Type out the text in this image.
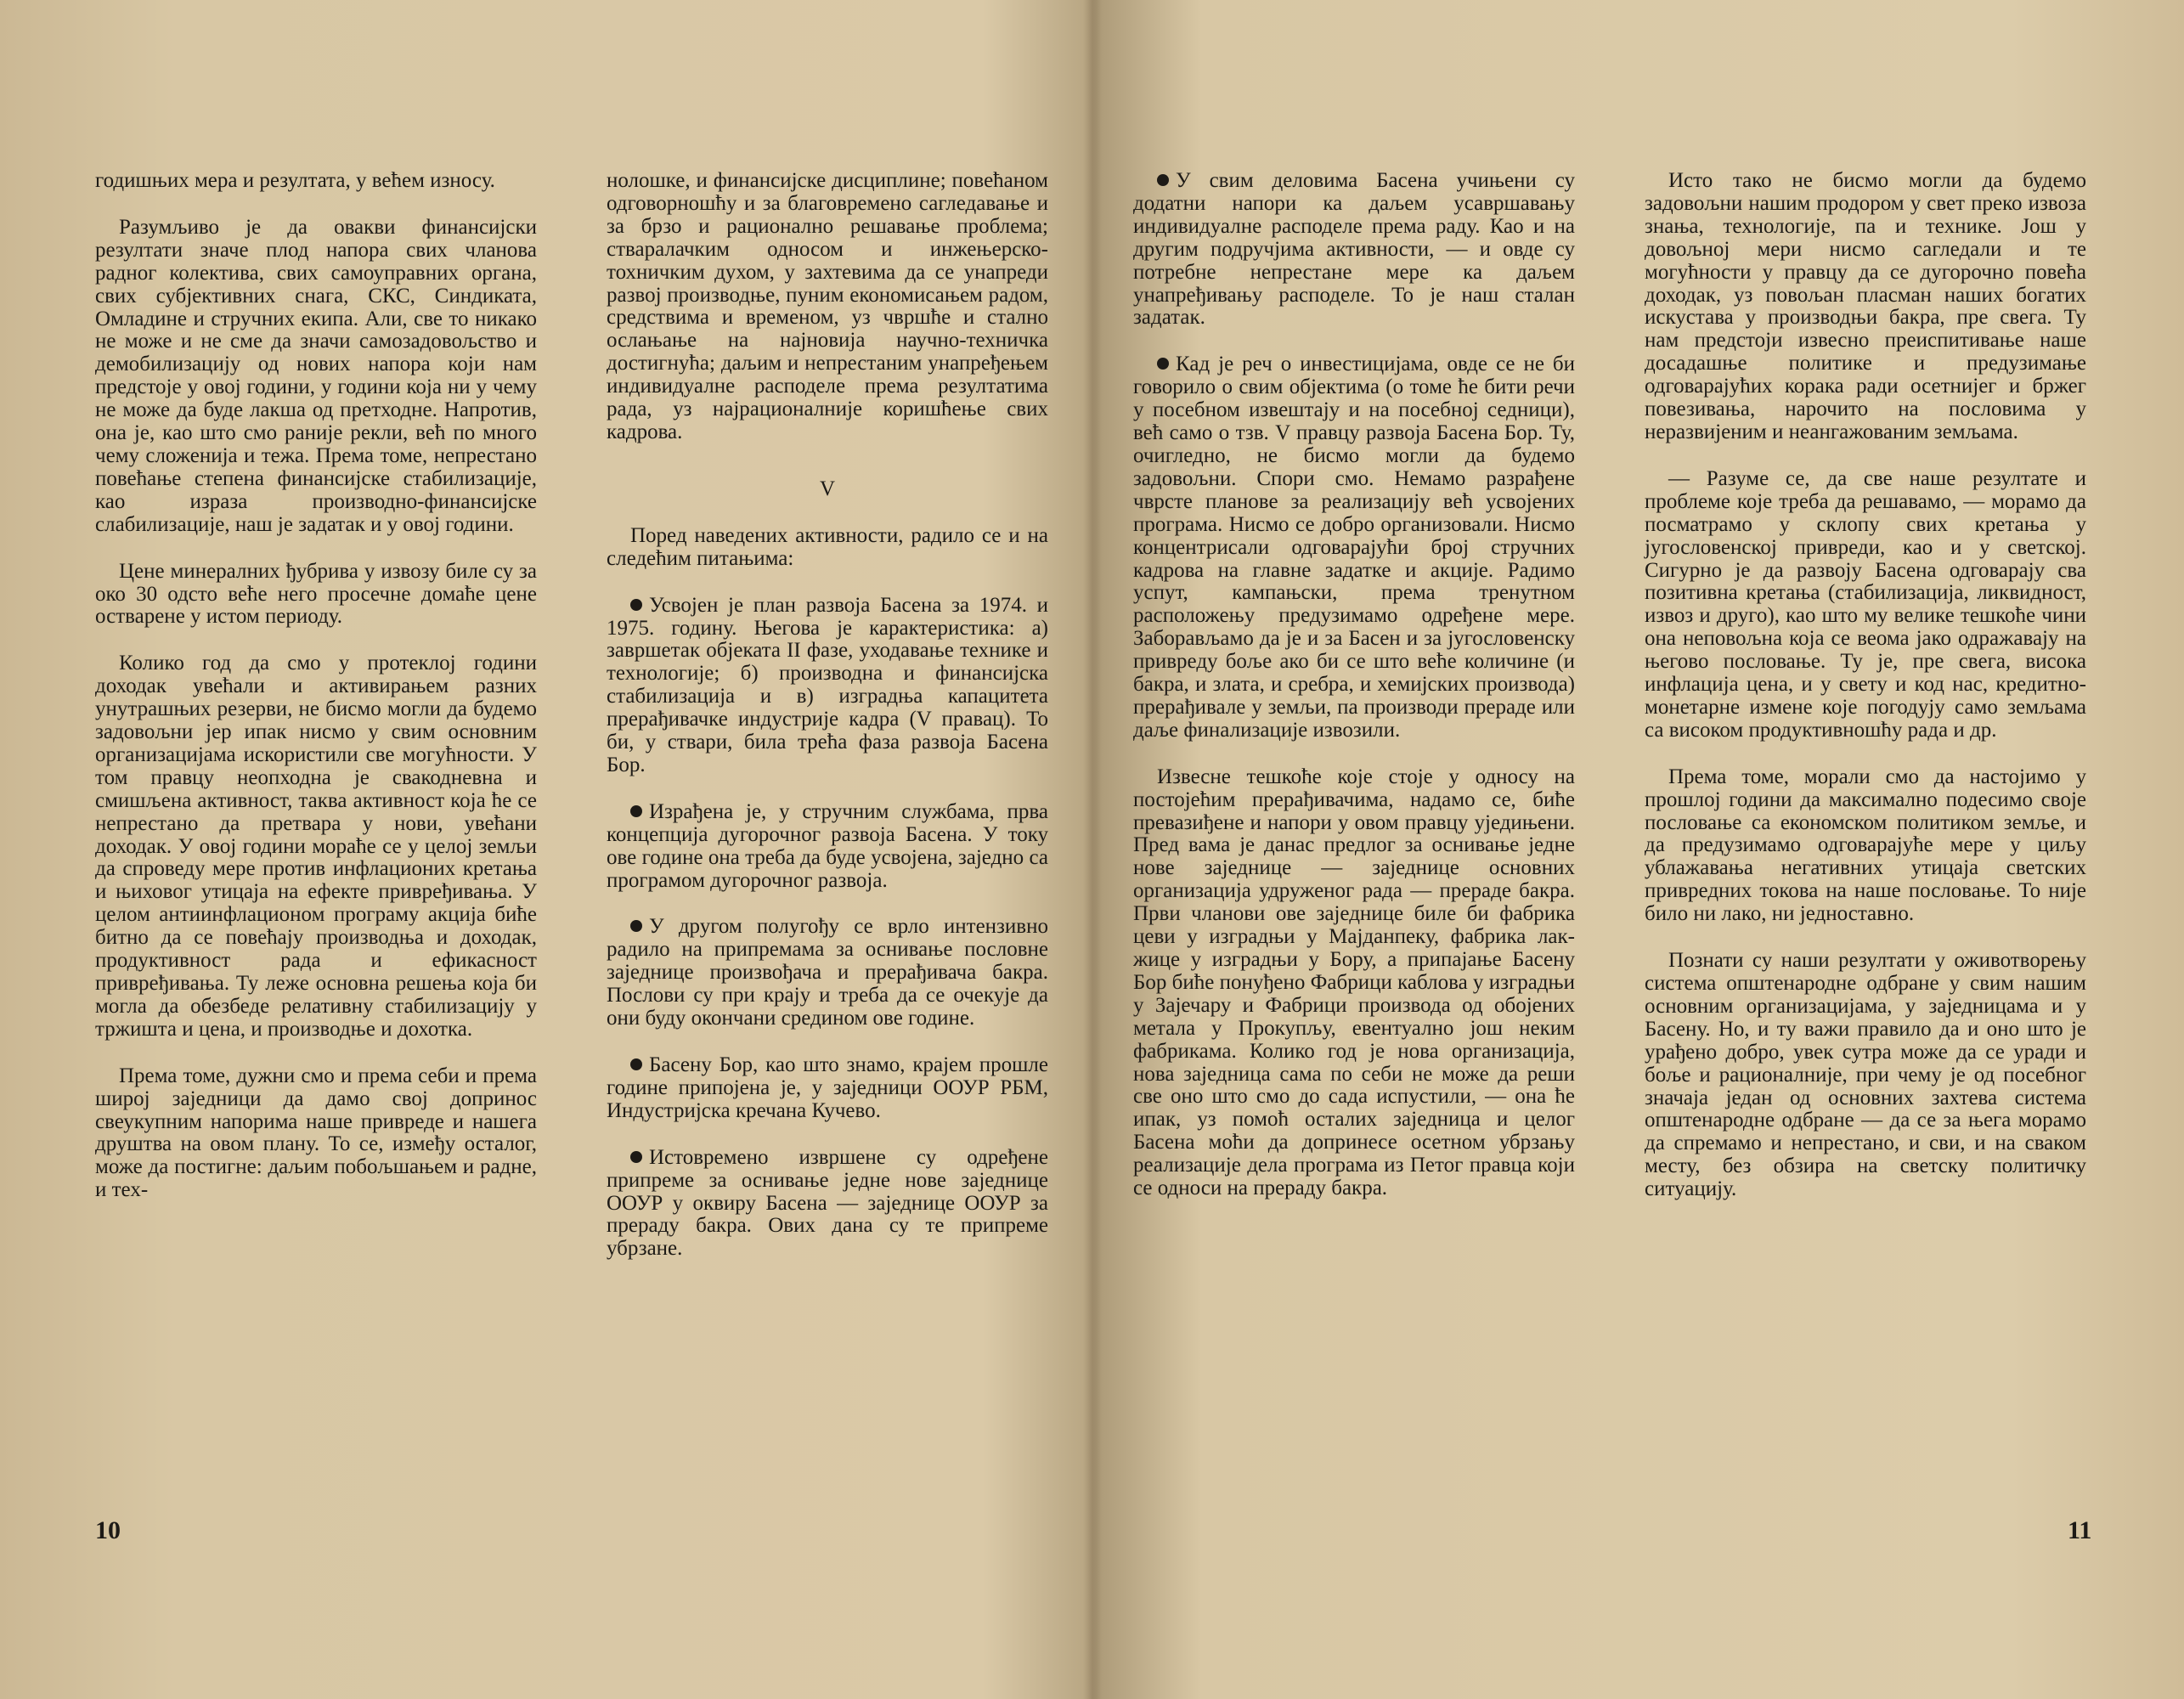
годишњих мера и резултата, у већем износу.

Разумљиво је да овакви финансијски резултати значе плод напора свих чланова радног колектива, свих самоуправних органа, свих субјективних снага, СКС, Синдиката, Омладине и стручних екипа. Али, све то никако не може и не сме да значи самозадовољство и демобилизацију од нових напора који нам предстоје у овој години, у години која ни у чему не може да буде лакша од претходне. Напротив, она је, као што смо раније рекли, већ по много чему сложенија и тежа. Према томе, непрестано повећање степена финансијске стабилизације, као израза производно-финансијске слабилизације, наш је задатак и у овој години.

Цене минералних ђубрива у извозу биле су за око 30 одсто веће него просечне домаће цене остварене у истом периоду.

Колико год да смо у протеклој години доходак увећали и активирањем разних унутрашњих резерви, не бисмо могли да будемо задовољни јер ипак нисмо у свим основним организацијама искористили све могућности. У том правцу неопходна је свакодневна и смишљена активност, таква активност која ће се непрестано да претвара у нови, увећани доходак. У овој години мораће се у целој земљи да спроведу мере против инфлационих кретања и њиховог утицаја на ефекте привређивања. У целом антиинфлационом програму акција биће битно да се повећају производња и доходак, продуктивност рада и ефикасност привређивања. Ту леже основна решења која би могла да обезбеде релативну стабилизацију у тржишта и цена, и производње и дохотка.

Према томе, дужни смо и према себи и према широј заједници да дамо свој допринос свеукупним напорима наше привреде и нашега друштва на овом плану. То се, између осталог, може да постигне: даљим побољшањем и радне, и тех-

нолошке, и финансијске дисциплине; повећаном одговорношћу и за благовремено сагледавање и за брзо и рационално решавање проблема; стваралачким односом и инжењерско-тохничким духом, у захтевима да се унапреди развој производње, пуним економисањем радом, средствима и временом, уз чвршће и стално ослањање на најновија научно-техничка достигнућа; даљим и непрестаним унапређењем индивидуалне расподеле према резултатима рада, уз најрационалније коришћење свих кадрова.

V

Поред наведених активности, радило се и на следећим питањима:

Усвојен је план развоја Басена за 1974. и 1975. годину. Његова је карактеристика: а) завршетак објеката II фазе, уходавање технике и технологије; б) производна и финансијска стабилизација и в) изградња капацитета прерађивачке индустрије кадра (V правац). То би, у ствари, била трећа фаза развоја Басена Бор.

Израђена је, у стручним службама, прва концепција дугорочног развоја Басена. У току ове године она треба да буде усвојена, заједно са програмом дугорочног развоја.

У другом полугођу се врло интензивно радило на припремама за оснивање пословне заједнице произвођача и прерађивача бакра. Послови су при крају и треба да се очекује да они буду окончани средином ове године.

Басену Бор, као што знамо, крајем прошле године припојена је, у заједници ООУР РБМ, Индустријска кречана Кучево.

Истовремено извршене су одређене припреме за оснивање једне нове заједнице ООУР у оквиру Басена — заједнице ООУР за прераду бакра. Ових дана су те припреме убрзане.

10

У свим деловима Басена учињени су додатни напори ка даљем усавршавању индивидуалне расподеле према раду. Као и на другим подручјима активности, — и овде су потребне непрестане мере ка даљем унапређивању расподеле. То је наш сталан задатак.

Кад је реч о инвестицијама, овде се не би говорило о свим објектима (о томе ће бити речи у посебном извештају и на посебној седници), већ само о тзв. V правцу развоја Басена Бор. Ту, очигледно, не бисмо могли да будемо задовољни. Спори смо. Немамо разрађене чврсте планове за реализацију већ усвојених програма. Нисмо се добро организовали. Нисмо концентрисали одговарајући број стручних кадрова на главне задатке и акције. Радимо успут, кампањски, према тренутном расположењу предузимамо одређене мере. Заборављамо да је и за Басен и за југословенску привреду боље ако би се што веће количине (и бакра, и злата, и сребра, и хемијских производа) прерађивале у земљи, па производи прераде или даље финализације извозили.

Извесне тешкоће које стоје у односу на постојећим прерађивачима, надамо се, биће превазиђене и напори у овом правцу уједињени. Пред вама је данас предлог за оснивање једне нове заједнице — заједнице основних организација удруженог рада — прераде бакра. Први чланови ове заједнице биле би фабрика цеви у изградњи у Мајданпеку, фабрика лак-жице у изградњи у Бору, а припајање Басену Бор биће понуђено Фабрици каблова у изградњи у Зајечару и Фабрици производа од обојених метала у Прокупљу, евентуално још неким фабрикама. Колико год је нова организација, нова заједница сама по себи не може да реши све оно што смо до сада испустили, — она ће ипак, уз помоћ осталих заједница и целог Басена моћи да допринесе осетном убрзању реализације дела програма из Петог правца који се односи на прераду бакра.

Исто тако не бисмо могли да будемо задовољни нашим продором у свет преко извоза знања, технологије, па и технике. Још у довољној мери нисмо сагледали и те могућности у правцу да се дугорочно повећа доходак, уз повољан пласман наших богатих искустава у производњи бакра, пре свега. Ту нам предстоји извесно преиспитивање наше досадашње политике и предузимање одговарајућих корака ради осетнијег и бржег повезивања, нарочито на пословима у неразвијеним и неангажованим земљама.

— Разуме се, да све наше резултате и проблеме које треба да решавамо, — морамо да посматрамо у склопу свих кретања у југословенској привреди, као и у светској. Сигурно је да развоју Басена одговарају сва позитивна кретања (стабилизација, ликвидност, извоз и друго), као што му велике тешкоће чини она неповољна која се веома јако одражавају на његово пословање. Ту је, пре свега, висока инфлација цена, и у свету и код нас, кредитно-монетарне измене које погодују само земљама са високом продуктивношћу рада и др.

Према томе, морали смо да настојимо у прошлој години да максимално подесимо своје пословање са економском политиком земље, и да предузимамо одговарајуће мере у циљу ублажавања негативних утицаја светских привредних токова на наше пословање. То није било ни лако, ни једноставно.

Познати су наши резултати у оживотворењу система општенародне одбране у свим нашим основним организацијама, у заједницама и у Басену. Но, и ту важи правило да и оно што је урађено добро, увек сутра може да се уради и боље и рационалније, при чему је од посебног значаја један од основних захтева система општенародне одбране — да се за њега морамо да спремамо и непрестано, и сви, и на сваком месту, без обзира на светску политичку ситуацију.

11
